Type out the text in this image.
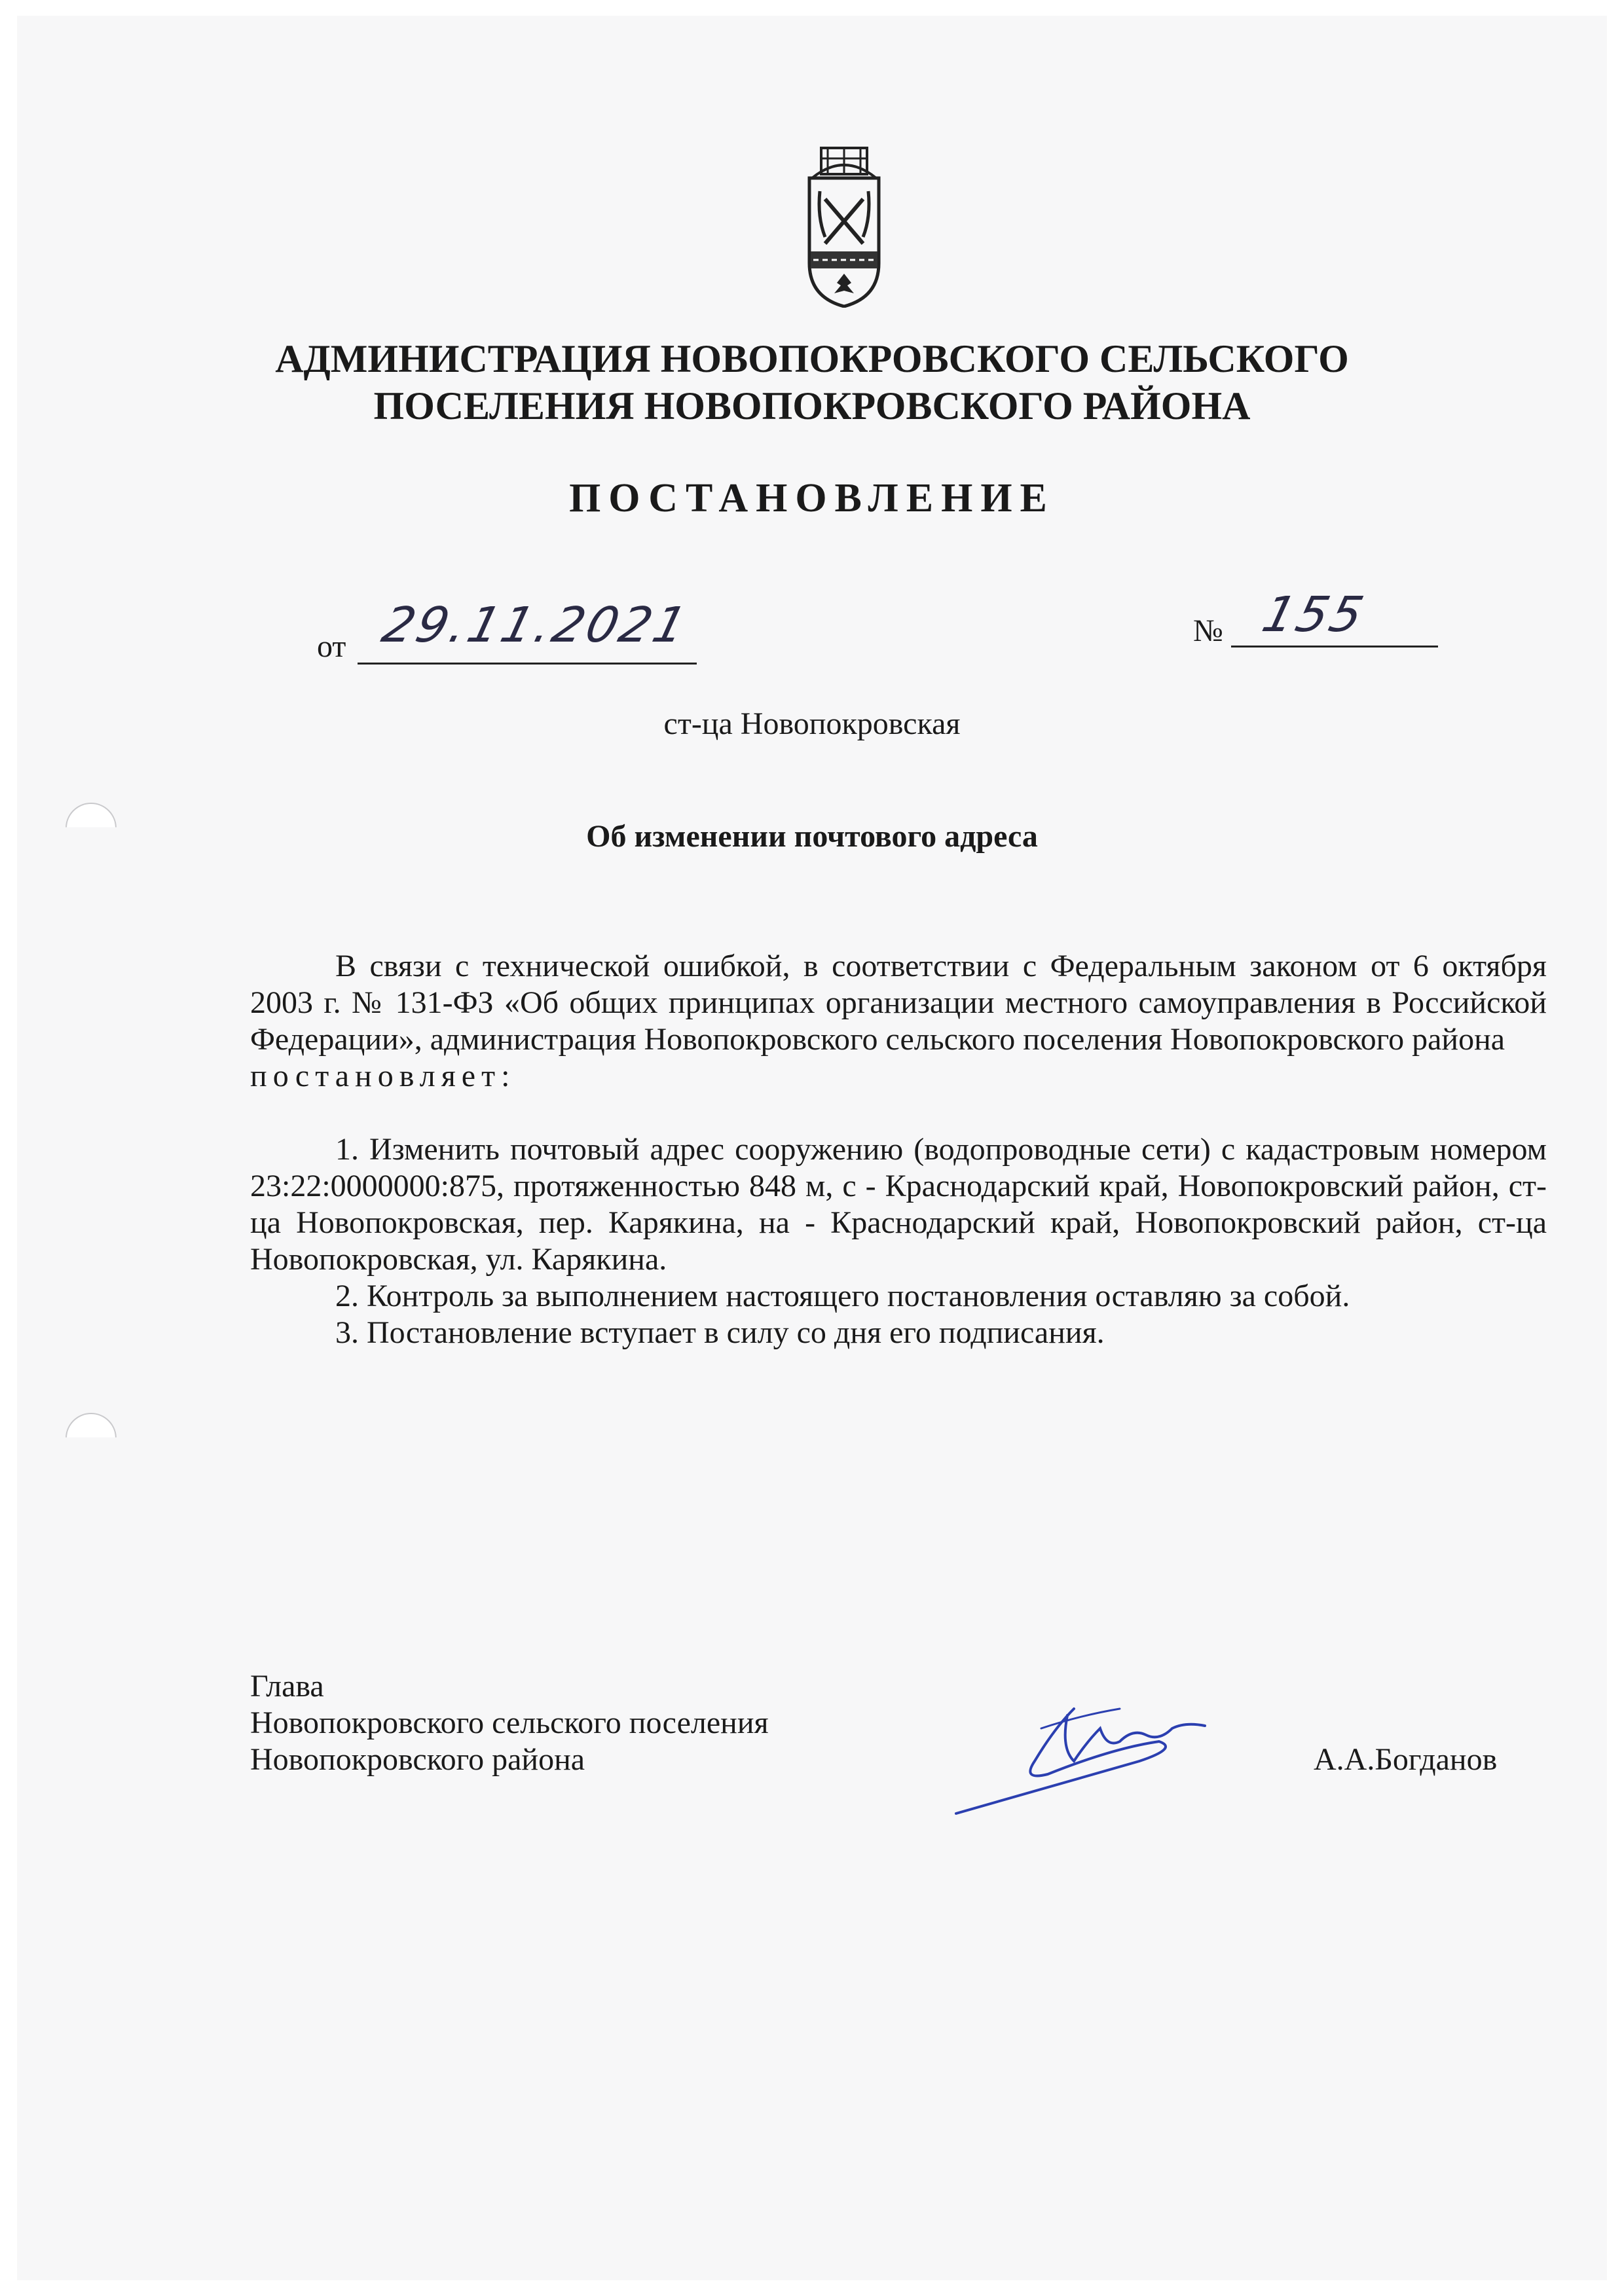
АДМИНИСТРАЦИЯ НОВОПОКРОВСКОГО СЕЛЬСКОГО
ПОСЕЛЕНИЯ НОВОПОКРОВСКОГО РАЙОНА
ПОСТАНОВЛЕНИЕ
от 29.11.2021	№ 155
ст-ца Новопокровская
Об изменении почтового адреса

В связи с технической ошибкой, в соответствии с Федеральным законом от 6 октября 2003 г. № 131-ФЗ «Об общих принципах организации местного самоуправления в Российской Федерации», администрация Новопокровского сельского поселения Новопокровского района

постановляет:

1. Изменить почтовый адрес сооружению (водопроводные сети) с кадастровым номером 23:22:0000000:875, протяженностью 848 м, с - Краснодарский край, Новопокровский район, ст-ца Новопокровская, пер. Карякина, на - Краснодарский край, Новопокровский район, ст-ца Новопокровская, ул. Карякина.

2. Контроль за выполнением настоящего постановления оставляю за собой.

3. Постановление вступает в силу со дня его подписания.

Глава
Новопокровского сельского поселения
Новопокровского района	А.А.Богданов
